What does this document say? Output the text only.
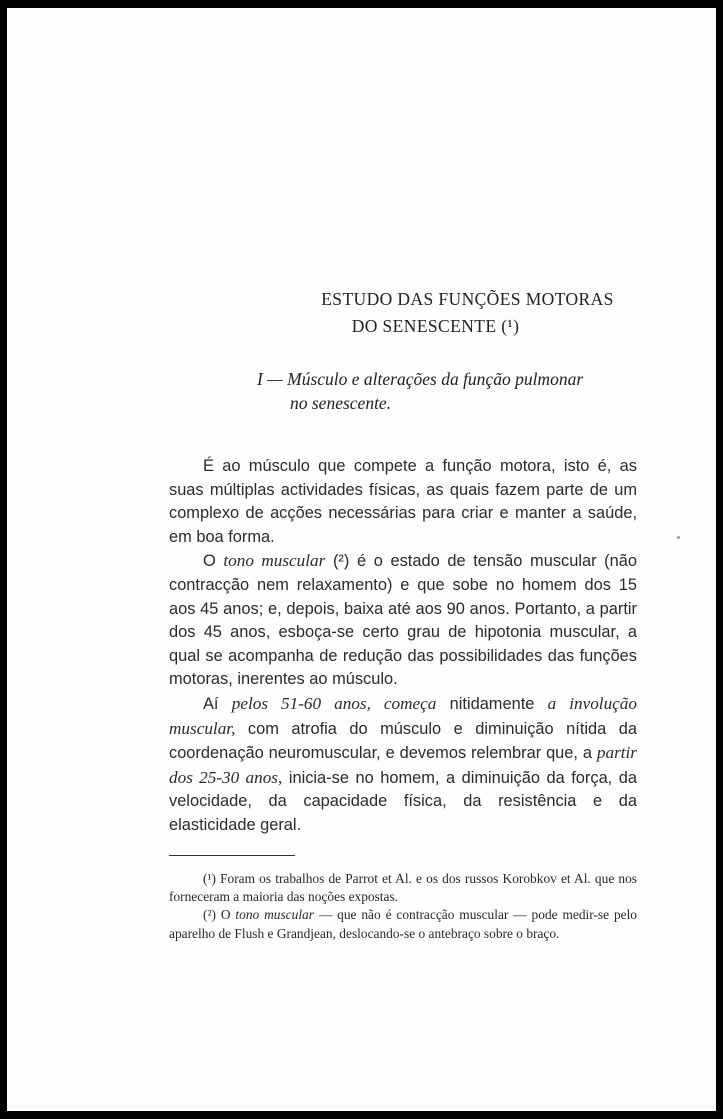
ESTUDO DAS FUNÇÕES MOTORAS
DO SENESCENTE (¹)
I — Músculo e alterações da função pulmonar
no senescente.

É ao músculo que compete a função motora, isto é, as suas múltiplas actividades físicas, as quais fazem parte de um complexo de acções necessárias para criar e manter a saúde, em boa forma.

O tono muscular (²) é o estado de tensão muscular (não contracção nem relaxamento) e que sobe no homem dos 15 aos 45 anos; e, depois, baixa até aos 90 anos. Portanto, a partir dos 45 anos, esboça-se certo grau de hipotonia muscular, a qual se acompanha de redução das possibilidades das funções motoras, inerentes ao músculo.

Aí pelos 51-60 anos, começa nitidamente a involução muscular, com atrofia do músculo e diminuição nítida da coordenação neuromuscular, e devemos relembrar que, a partir dos 25-30 anos, inicia-se no homem, a diminuição da força, da velocidade, da capacidade física, da resistência e da elasticidade geral.

(¹) Foram os trabalhos de Parrot et Al. e os dos russos Korobkov et Al. que nos forneceram a maioria das noções expostas.

(²) O tono muscular — que não é contracção muscular — pode medir-se pelo aparelho de Flush e Grandjean, deslocando-se o antebraço sobre o braço.
